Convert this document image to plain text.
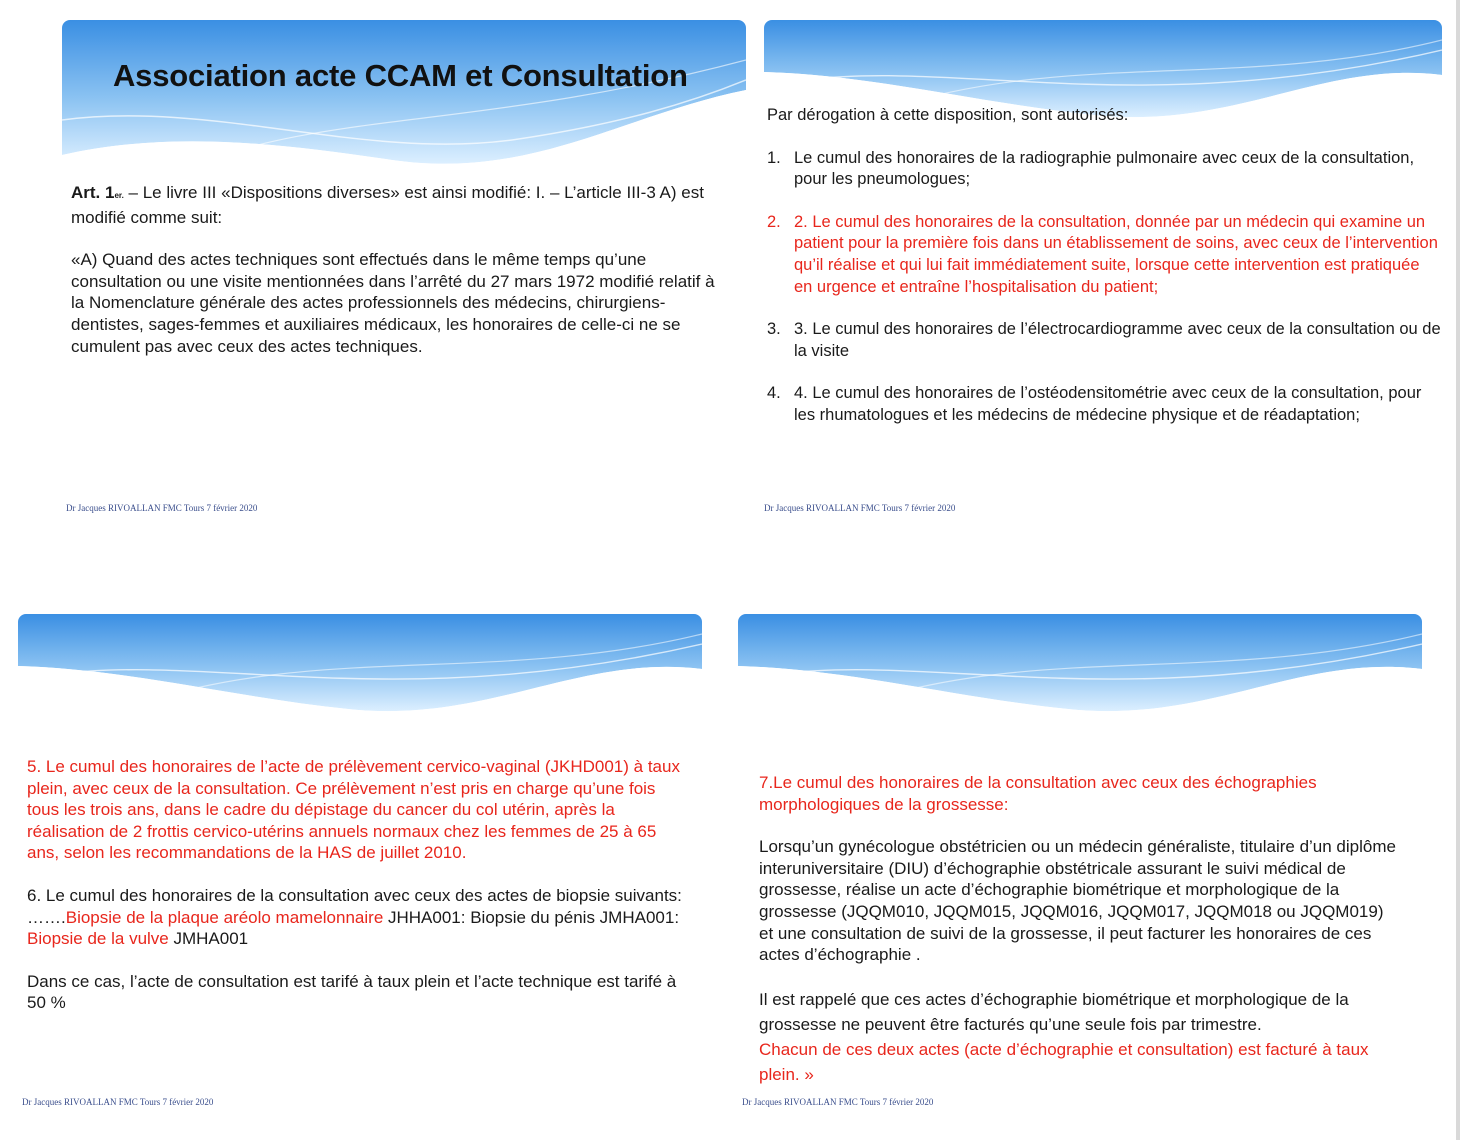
Association acte CCAM et Consultation

Art. 1er. – Le livre III «Dispositions diverses» est ainsi modifié: I. – L’article III-3 A) est modifié comme suit:

«A) Quand des actes techniques sont effectués dans le même temps qu’une consultation ou une visite mentionnées dans l’arrêté du 27 mars 1972 modifié relatif à la Nomenclature générale des actes professionnels des médecins, chirurgiens-dentistes, sages-femmes et auxiliaires médicaux, les honoraires de celle-ci ne se cumulent pas avec ceux des actes techniques.

Dr Jacques RIVOALLAN FMC Tours 7 février 2020

Par dérogation à cette disposition, sont autorisés:

1. Le cumul des honoraires de la radiographie pulmonaire avec ceux de la consultation, pour les pneumologues;

2. 2. Le cumul des honoraires de la consultation, donnée par un médecin qui examine un patient pour la première fois dans un établissement de soins, avec ceux de l’intervention qu’il réalise et qui lui fait immédiatement suite, lorsque cette intervention est pratiquée en urgence et entraîne l’hospitalisation du patient;

3. 3. Le cumul des honoraires de l’électrocardiogramme avec ceux de la consultation ou de la visite

4. 4. Le cumul des honoraires de l’ostéodensitométrie avec ceux de la consultation, pour les rhumatologues et les médecins de médecine physique et de réadaptation;

Dr Jacques RIVOALLAN FMC Tours 7 février 2020

5. Le cumul des honoraires de l’acte de prélèvement cervico-vaginal (JKHD001) à taux plein, avec ceux de la consultation. Ce prélèvement n’est pris en charge qu’une fois tous les trois ans, dans le cadre du dépistage du cancer du col utérin, après la réalisation de 2 frottis cervico-utérins annuels normaux chez les femmes de 25 à 65 ans, selon les recommandations de la HAS de juillet 2010.

6. Le cumul des honoraires de la consultation avec ceux des actes de biopsie suivants: …….Biopsie de la plaque aréolo mamelonnaire JHHA001: Biopsie du pénis JMHA001: Biopsie de la vulve JMHA001

Dans ce cas, l’acte de consultation est tarifé à taux plein et l’acte technique est tarifé à 50 %

Dr Jacques RIVOALLAN FMC Tours 7 février 2020

7.Le cumul des honoraires de la consultation avec ceux des échographies morphologiques de la grossesse:

Lorsqu’un gynécologue obstétricien ou un médecin généraliste, titulaire d’un diplôme interuniversitaire (DIU) d’échographie obstétricale assurant le suivi médical de grossesse, réalise un acte d’échographie biométrique et morphologique de la grossesse (JQQM010, JQQM015, JQQM016, JQQM017, JQQM018 ou JQQM019) et une consultation de suivi de la grossesse, il peut facturer les honoraires de ces actes d’échographie .

Il est rappelé que ces actes d’échographie biométrique et morphologique de la grossesse ne peuvent être facturés qu’une seule fois par trimestre.

Chacun de ces deux actes (acte d’échographie et consultation) est facturé à taux plein. »

Dr Jacques RIVOALLAN FMC Tours 7 février 2020
